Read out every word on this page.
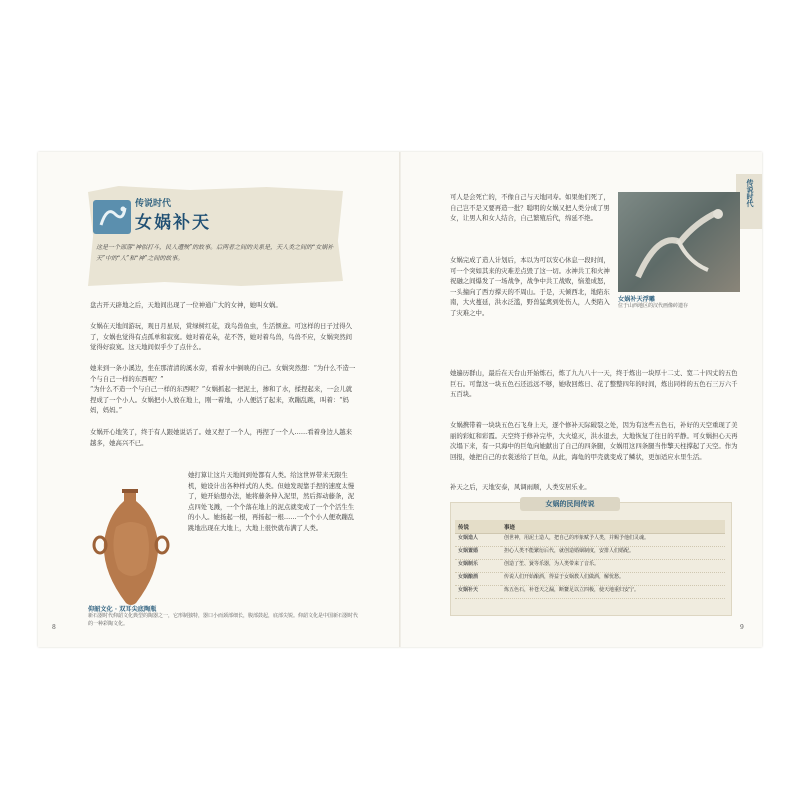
传说时代
女娲补天
这是一个部落“神似打斗，民人遭殃”的故事。后两者之间的关系是，天人类之间的“女娲补天”中的“人”和“神”之间的故事。

盘古开天辟地之后，天地间出现了一位神通广大的女神，她叫女娲。

女娲在天地间游玩，观日月星辰，赏绿树红花，戏鸟兽鱼虫，生活惬意。可这样的日子过得久了，女娲也觉得有点孤单和寂寞。她对着花朵，花不答，她对着鸟兽，鸟兽不应，女娲突然间觉得好寂寞。这天地间似乎少了点什么。

她来到一条小溪边，坐在那清清的溪水旁，看着水中倒映的自己。女娲突然想：“为什么不造一个与自己一样的东西呢？”

“为什么不造一个与自己一样的东西呢？”女娲抓起一把泥土，掺和了水，揉捏起来，一会儿就捏成了一个小人。女娲把小人放在地上，刚一着地，小人便活了起来，欢蹦乱跳，叫着：“妈妈，妈妈。”

女娲开心地笑了，终于有人跟她说话了。她又捏了一个人，再捏了一个人……看着身边人越来越多，她高兴不已。

她打算让这片天地间到处都有人类。给这世界带来无限生机，她设计出各种样式的人类。但她发现靠手捏的速度太慢了，她开始想办法，她将藤条伸入泥里，然后挥动藤条，泥点四处飞溅，一个个落在地上的泥点就变成了一个个活生生的小人。她扬起一根，再扬起一根……一个个小人便欢蹦乱跳地出现在大地上，大地上很快就布满了人类。

仰韶文化 · 双耳尖底陶瓶
新石器时代仰韶文化典型的陶器之一，它形制独特，器口小而颈部细长，腹部鼓起，底部尖锐。仰韶文化是中国新石器时代的一种彩陶文化。
8
传说时代

可人是会死亡的，不像自己与天地同寿。如果他们死了，自己岂不是又要再造一批？聪明的女娲又把人类分成了男女，让男人和女人结合，自己繁殖后代，绵延不绝。

女娲完成了造人计划后，本以为可以安心休息一段时间，可一个突如其来的灾难差点毁了这一切。水神共工和火神祝融之间爆发了一场战争，战争中共工战败，恼羞成怒，一头撞向了西方撑天的不周山。于是，天倾西北，地陷东南，大火蔓延，洪水泛滥，野兽猛禽到处伤人，人类陷入了灾难之中。

她遍历群山，最后在天台山开始炼石，炼了九九八十一天，终于炼出一块厚十二丈、宽二十四丈的五色巨石。可靠这一块五色石还远远不够，她收回炼日、花了整整四年的时间，炼出同样的五色石三万六千五百块。

女娲携带着一块块五色石飞身上天，逐个修补天际破裂之处，因为有这些五色石，补好的天空重现了美丽的彩虹和彩霞。天空终于修补完毕，大火熄灭，洪水退去，大地恢复了往日的平静。可女娲担心天再次塌下来，有一只海中的巨龟向她献出了自己的四条腿，女娲用这四条腿当作擎天柱撑起了天空。作为回报，她把自己的衣裳送给了巨龟，从此，海龟的甲壳就变成了鳞状，更加适应水里生活。

补天之后，天地安泰，风调雨顺，人类安居乐业。

女娲补天浮雕
位于山西地区的汉代画像砖遗存
女娲的民间传说
传说	事迹
女娲造人	创世神，用泥土造人，把自己的形象赋予人类，并赐予他们灵魂。
女娲置婚	担心人类不能繁衍后代，就创造婚姻制度，安排人们婚配。
女娲制乐	创造了笙、簧等乐器，为人类带来了音乐。
女娲酿酒	传说人们开始酿酒，得益于女娲教人们做酒，解忧愁。
女娲补天	炼五色石，补苍天之漏，断鳌足以立四极，使天地重归安宁。
9
